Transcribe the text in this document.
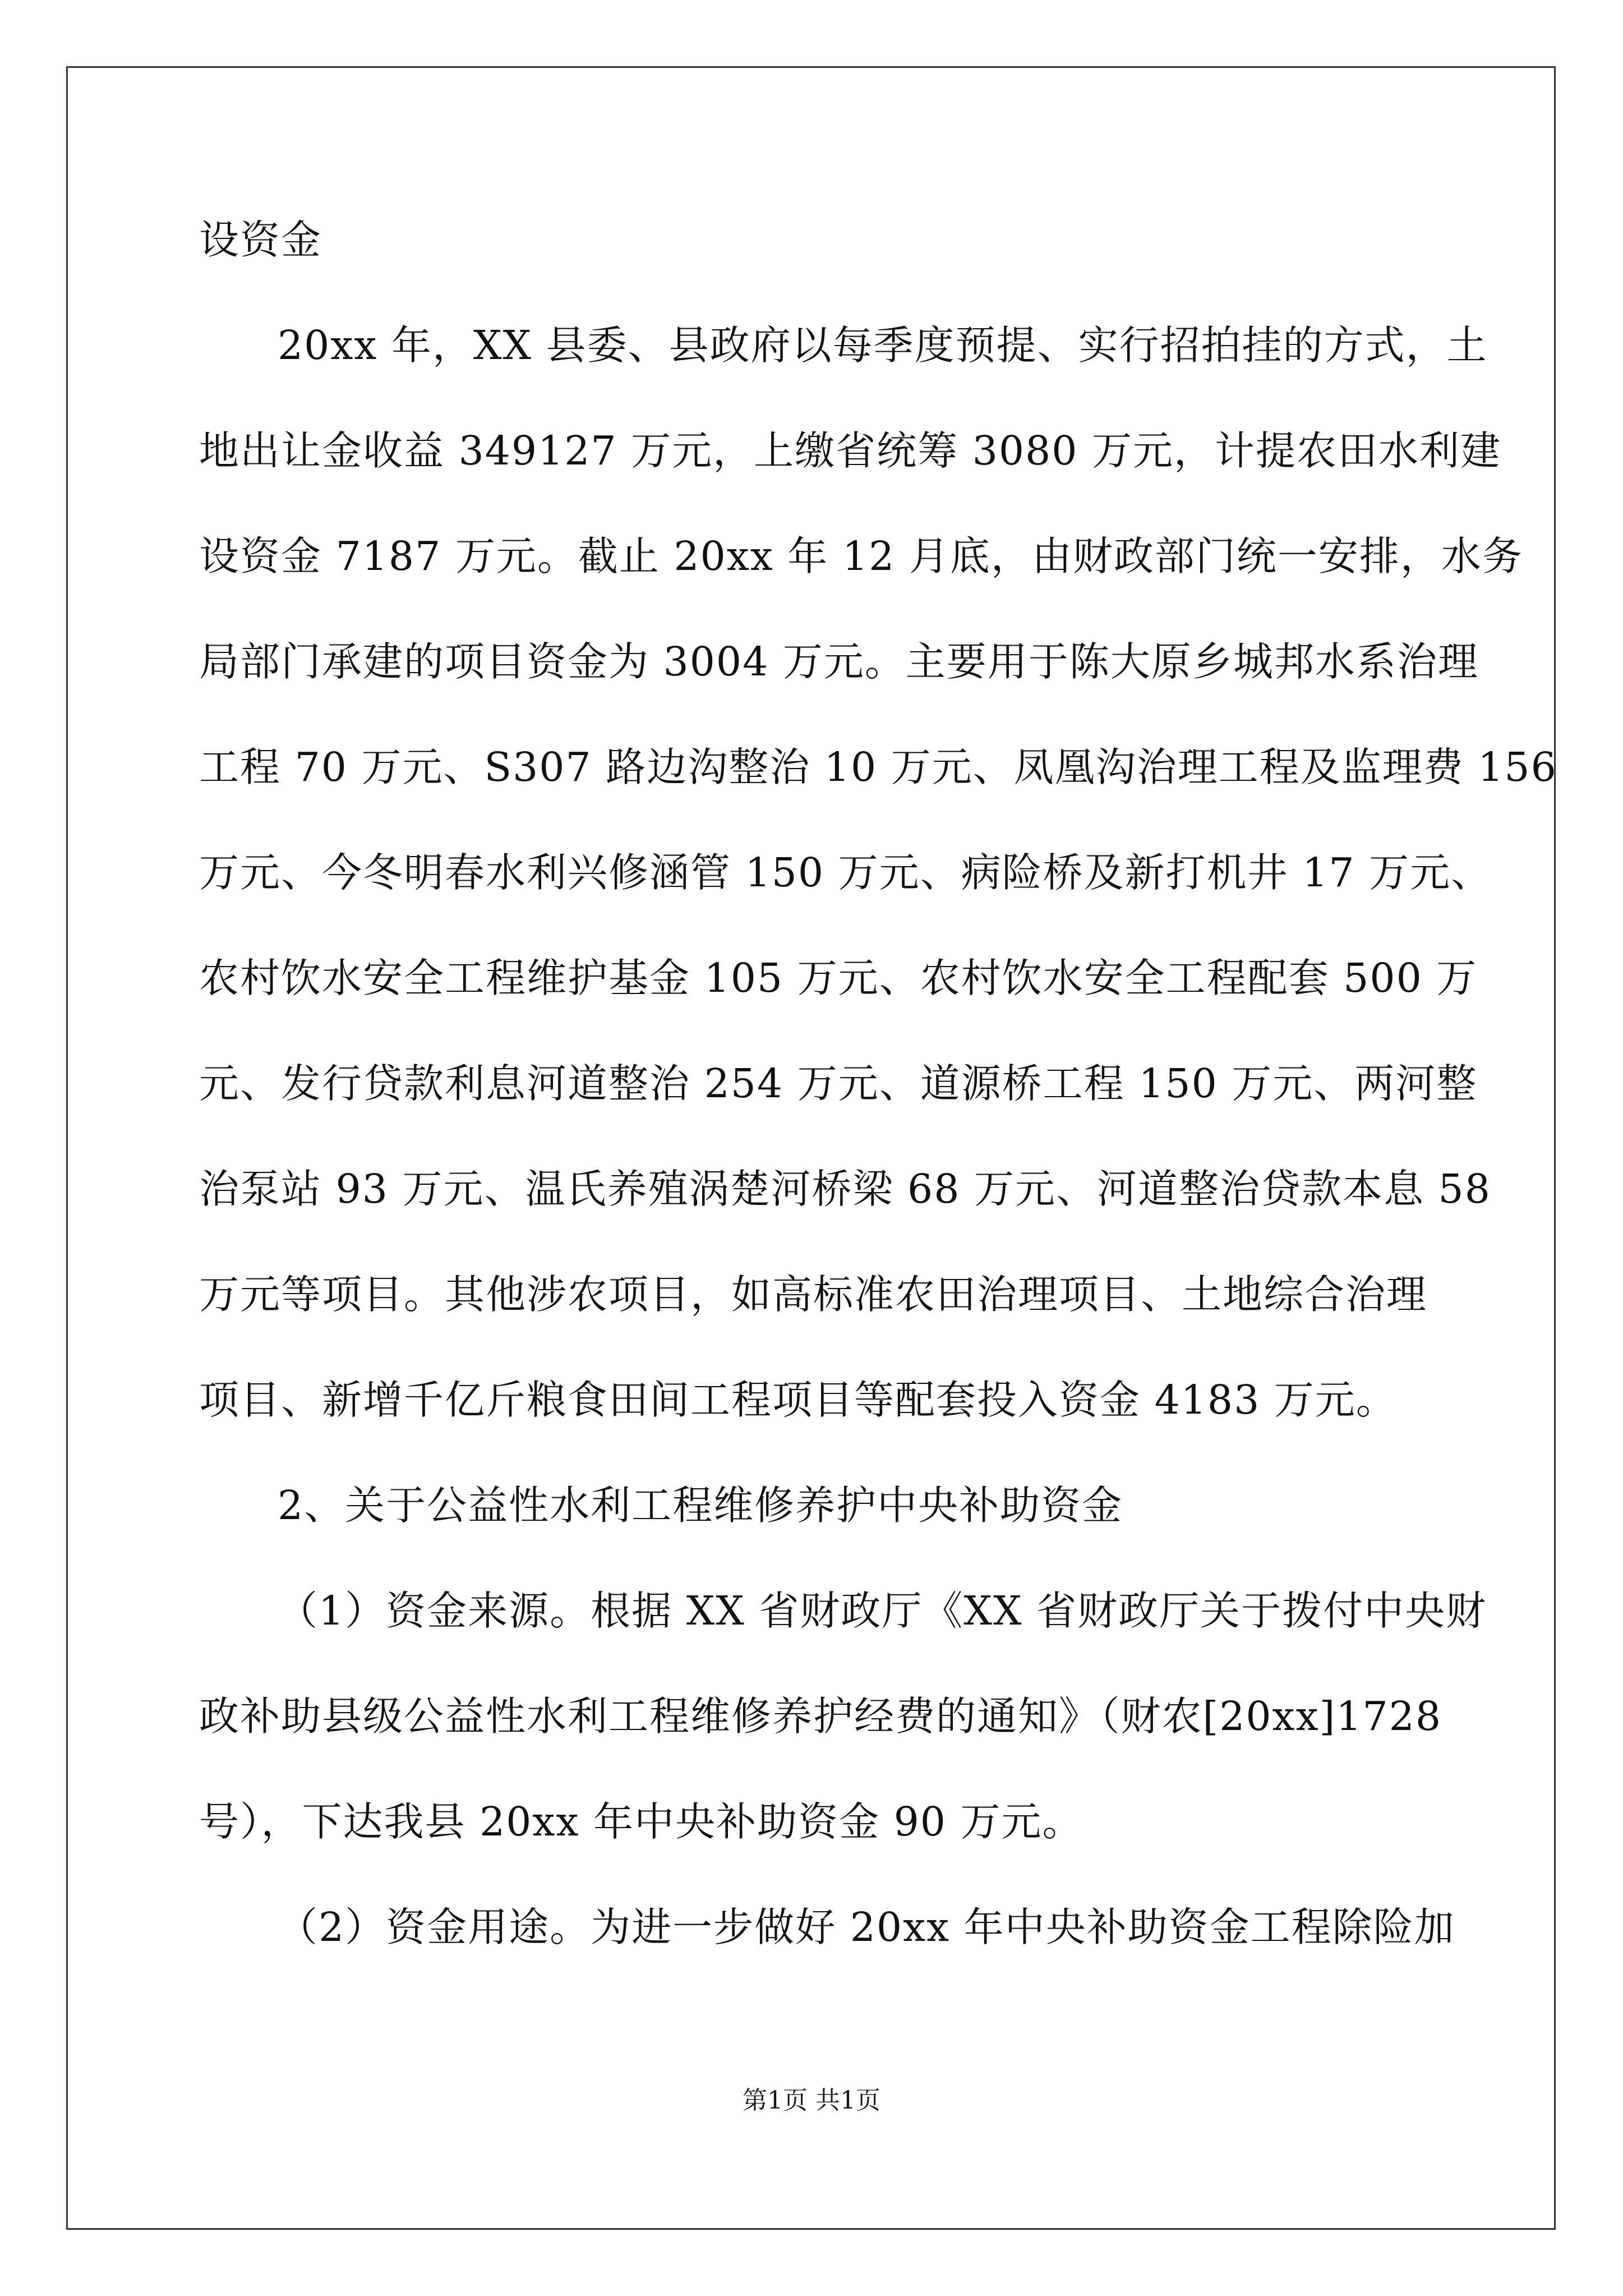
设资金
20xx 年，XX 县委、县政府以每季度预提、实行招拍挂的方式，土
地出让金收益 349127 万元，上缴省统筹 3080 万元，计提农田水利建
设资金 7187 万元。截止 20xx 年 12 月底，由财政部门统一安排，水务
局部门承建的项目资金为 3004 万元。主要用于陈大原乡城邦水系治理
工程 70 万元、S307 路边沟整治 10 万元、凤凰沟治理工程及监理费 156
万元、今冬明春水利兴修涵管 150 万元、病险桥及新打机井 17 万元、
农村饮水安全工程维护基金 105 万元、农村饮水安全工程配套 500 万
元、发行贷款利息河道整治 254 万元、道源桥工程 150 万元、两河整
治泵站 93 万元、温氏养殖涡楚河桥梁 68 万元、河道整治贷款本息 58
万元等项目。其他涉农项目，如高标准农田治理项目、土地综合治理
项目、新增千亿斤粮食田间工程项目等配套投入资金 4183 万元。
2、关于公益性水利工程维修养护中央补助资金
（1）资金来源。根据 XX 省财政厅《XX 省财政厅关于拨付中央财
政补助县级公益性水利工程维修养护经费的通知》（财农[20xx]1728
号），下达我县 20xx 年中央补助资金 90 万元。
（2）资金用途。为进一步做好 20xx 年中央补助资金工程除险加
第1页 共1页
